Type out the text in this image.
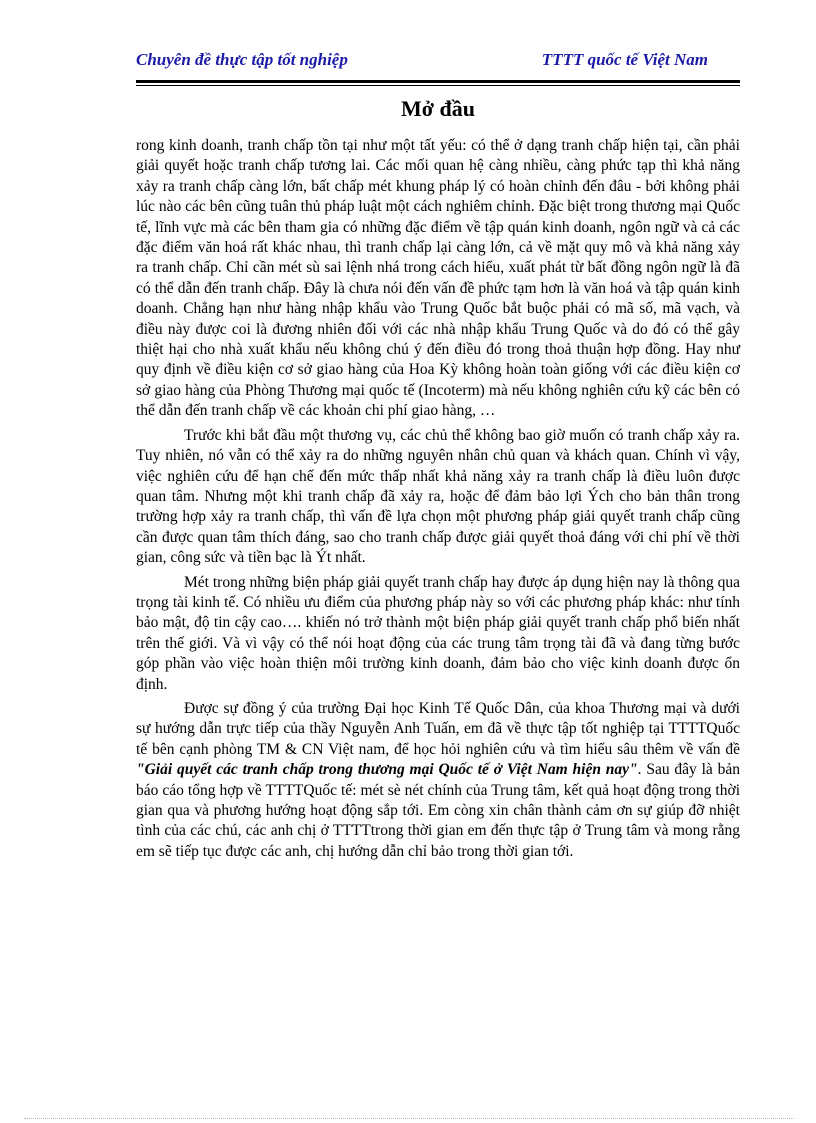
Chuyên đề thực tập tốt nghiệp	TTTT quốc tế Việt Nam
Mở đầu

rong kinh doanh, tranh chấp tồn tại như một tất yếu: có thể ở dạng tranh chấp hiện tại, cần phải giải quyết hoặc tranh chấp tương lai. Các mối quan hệ càng nhiều, càng phức tạp thì khả năng xảy ra tranh chấp càng lớn, bất chấp mét khung pháp lý có hoàn chỉnh đến đâu - bởi không phải lúc nào các bên cũng tuân thủ pháp luật một cách nghiêm chỉnh. Đặc biệt trong thương mại Quốc tế, lĩnh vực mà các bên tham gia có những đặc điểm về tập quán kinh doanh, ngôn ngữ và cả các đặc điểm văn hoá rất khác nhau, thì tranh chấp lại càng lớn, cả về mặt quy mô và khả năng xảy ra tranh chấp. Chỉ cần mét sù sai lệnh nhá trong cách hiểu, xuất phát từ bất đồng ngôn ngữ là đã có thể dẫn đến tranh chấp. Đây là chưa nói đến vấn đề phức tạm hơn là văn hoá và tập quán kinh doanh. Chẳng hạn như hàng nhập khẩu vào Trung Quốc bắt buộc phải có mã số, mã vạch, và điều này được coi là đương nhiên đối với các nhà nhập khẩu Trung Quốc và do đó có thể gây thiệt hại cho nhà xuất khẩu nếu không chú ý đến điều đó trong thoả thuận hợp đồng. Hay như quy định về điều kiện cơ sở giao hàng của Hoa Kỳ không hoàn toàn giống với các điều kiện cơ sở giao hàng của Phòng Thương mại quốc tế (Incoterm) mà nếu không nghiên cứu kỹ các bên có thể dẫn đến tranh chấp về các khoản chi phí giao hàng, …

Trước khi bắt đầu một thương vụ, các chủ thể không bao giờ muốn có tranh chấp xảy ra. Tuy nhiên, nó vẫn có thể xảy ra do những nguyên nhân chủ quan và khách quan. Chính vì vậy, việc nghiên cứu để hạn chế đến mức thấp nhất khả năng xảy ra tranh chấp là điều luôn được quan tâm. Nhưng một khi tranh chấp đã xảy ra, hoặc để đảm bảo lợi Ých cho bản thân trong trường hợp xảy ra tranh chấp, thì vấn đề lựa chọn một phương pháp giải quyết tranh chấp cũng cần được quan tâm thích đáng, sao cho tranh chấp được giải quyết thoả đáng với chi phí về thời gian, công sức và tiền bạc là Ýt nhất.

Mét trong những biện pháp giải quyết tranh chấp hay được áp dụng hiện nay là thông qua trọng tài kinh tế. Có nhiều ưu điểm của phương pháp này so với các phương pháp khác: như tính bảo mật, độ tin cậy cao…. khiến nó trở thành một biện pháp giải quyết tranh chấp phổ biến nhất trên thế giới. Và vì vậy có thể nói hoạt động của các trung tâm trọng tài đã và đang từng bước góp phần vào việc hoàn thiện môi trường kinh doanh, đảm bảo cho việc kinh doanh được ổn định.

Được sự đồng ý của trường Đại học Kinh Tế Quốc Dân, của khoa Thương mại và dưới sự hướng dẫn trực tiếp của thầy Nguyễn Anh Tuấn, em đã về thực tập tốt nghiệp tại TTTTQuốc tế bên cạnh phòng TM & CN Việt nam, để học hỏi nghiên cứu và tìm hiểu sâu thêm về vấn đề "Giải quyết các tranh chấp trong thương mại Quốc tế ở Việt Nam hiện nay". Sau đây là bản báo cáo tổng hợp về TTTTQuốc tế: mét sè nét chính của Trung tâm, kết quả hoạt động trong thời gian qua và phương hướng hoạt động sắp tới. Em còng xin chân thành cảm ơn sự giúp đỡ nhiệt tình của các chú, các anh chị ở TTTTtrong thời gian em đến thực tập ở Trung tâm và mong rằng em sẽ tiếp tục được các anh, chị hướng dẫn chỉ bảo trong thời gian tới.
